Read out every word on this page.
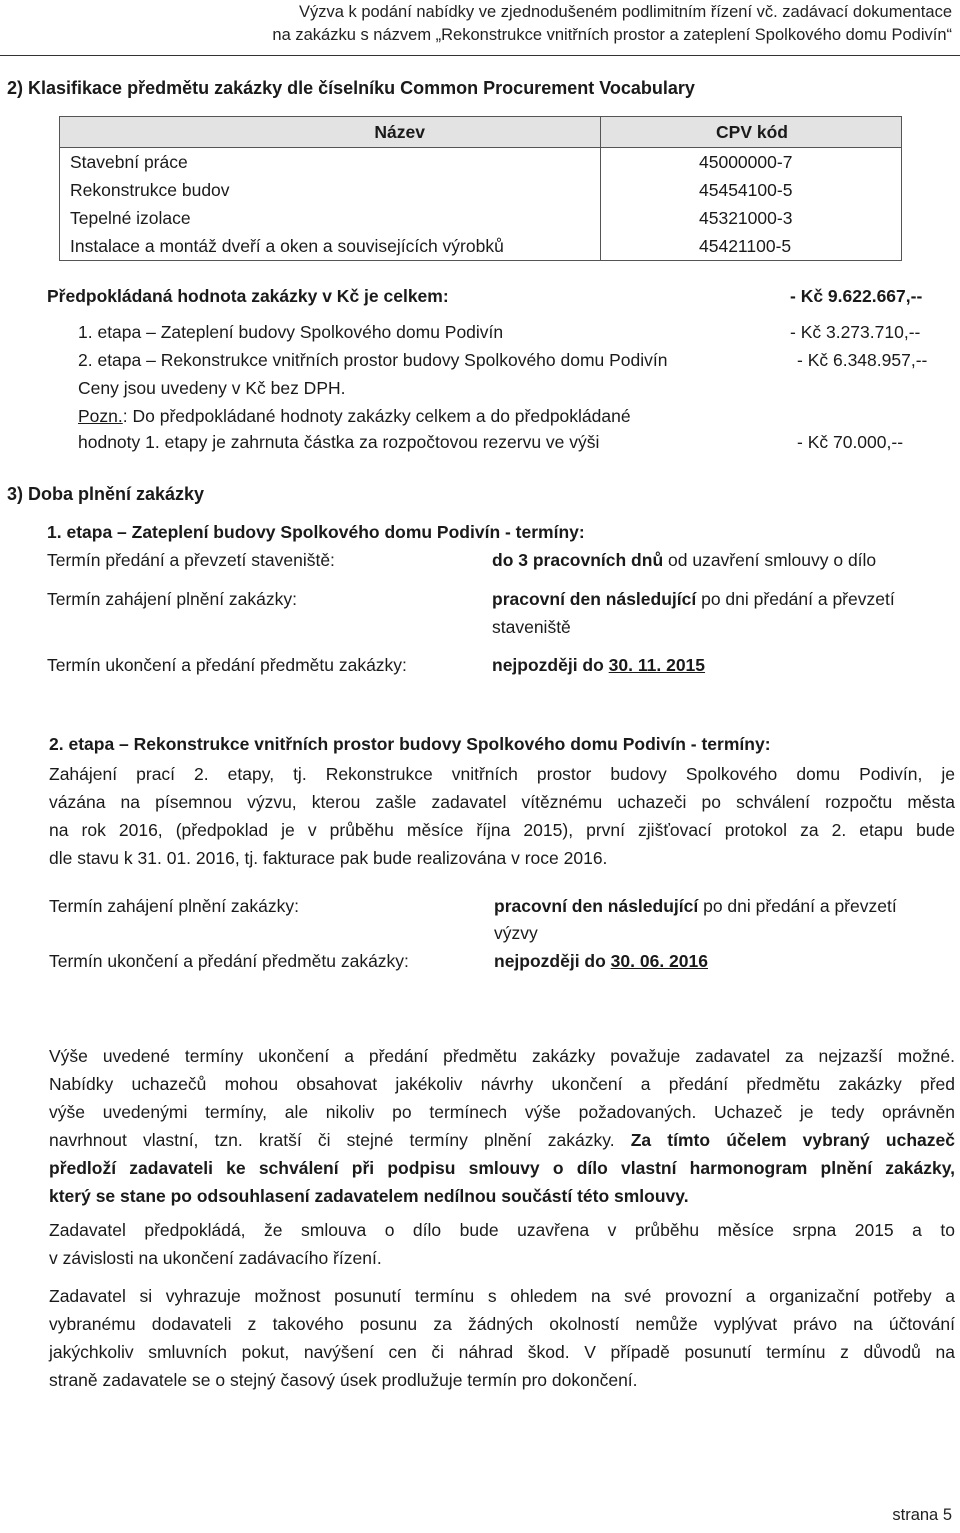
Výzva k podání nabídky ve zjednodušeném podlimitním řízení vč. zadávací dokumentace
na zakázku s názvem „Rekonstrukce vnitřních prostor a zateplení Spolkového domu Podivín“
2) Klasifikace předmětu zakázky dle číselníku Common Procurement Vocabulary
Název	CPV kód
Stavební práce	45000000-7
Rekonstrukce budov	45454100-5
Tepelné izolace	45321000-3
Instalace a montáž dveří a oken a souvisejících výrobků	45421100-5
Předpokládaná hodnota zakázky v Kč je celkem:	- Kč 9.622.667,--
1. etapa – Zateplení budovy Spolkového domu Podivín	- Kč 3.273.710,--
2. etapa – Rekonstrukce vnitřních prostor budovy Spolkového domu Podivín	- Kč 6.348.957,--
Ceny jsou uvedeny v Kč bez DPH.
Pozn.: Do předpokládané hodnoty zakázky celkem a do předpokládané
hodnoty 1. etapy je zahrnuta částka za rozpočtovou rezervu ve výši	- Kč 70.000,--
3) Doba plnění zakázky
1. etapa – Zateplení budovy Spolkového domu Podivín - termíny:
Termín předání a převzetí staveniště:	do 3 pracovních dnů od uzavření smlouvy o dílo
Termín zahájení plnění zakázky:	pracovní den následující po dni předání a převzetí
staveniště
Termín ukončení a předání předmětu zakázky:	nejpozději do 30. 11. 2015
2. etapa – Rekonstrukce vnitřních prostor budovy Spolkového domu Podivín - termíny:
Zahájení prací 2. etapy, tj. Rekonstrukce vnitřních prostor budovy Spolkového domu Podivín, je
vázána na písemnou výzvu, kterou zašle zadavatel vítěznému uchazeči po schválení rozpočtu města
na rok 2016, (předpoklad je v průběhu měsíce října 2015), první zjišťovací protokol za 2. etapu bude
dle stavu k 31. 01. 2016, tj. fakturace pak bude realizována v roce 2016.
Termín zahájení plnění zakázky:	pracovní den následující po dni předání a převzetí
výzvy
Termín ukončení a předání předmětu zakázky:	nejpozději do 30. 06. 2016
Výše uvedené termíny ukončení a předání předmětu zakázky považuje zadavatel za nejzazší možné.
Nabídky uchazečů mohou obsahovat jakékoliv návrhy ukončení a předání předmětu zakázky před
výše uvedenými termíny, ale nikoliv po termínech výše požadovaných. Uchazeč je tedy oprávněn
navrhnout vlastní, tzn. kratší či stejné termíny plnění zakázky. Za tímto účelem vybraný uchazeč
předloží zadavateli ke schválení při podpisu smlouvy o dílo vlastní harmonogram plnění zakázky,
který se stane po odsouhlasení zadavatelem nedílnou součástí této smlouvy.
Zadavatel předpokládá, že smlouva o dílo bude uzavřena v průběhu měsíce srpna 2015 a to
v závislosti na ukončení zadávacího řízení.
Zadavatel si vyhrazuje možnost posunutí termínu s ohledem na své provozní a organizační potřeby a
vybranému dodavateli z takového posunu za žádných okolností nemůže vyplývat právo na účtování
jakýchkoliv smluvních pokut, navýšení cen či náhrad škod. V případě posunutí termínu z důvodů na
straně zadavatele se o stejný časový úsek prodlužuje termín pro dokončení.
strana 5
